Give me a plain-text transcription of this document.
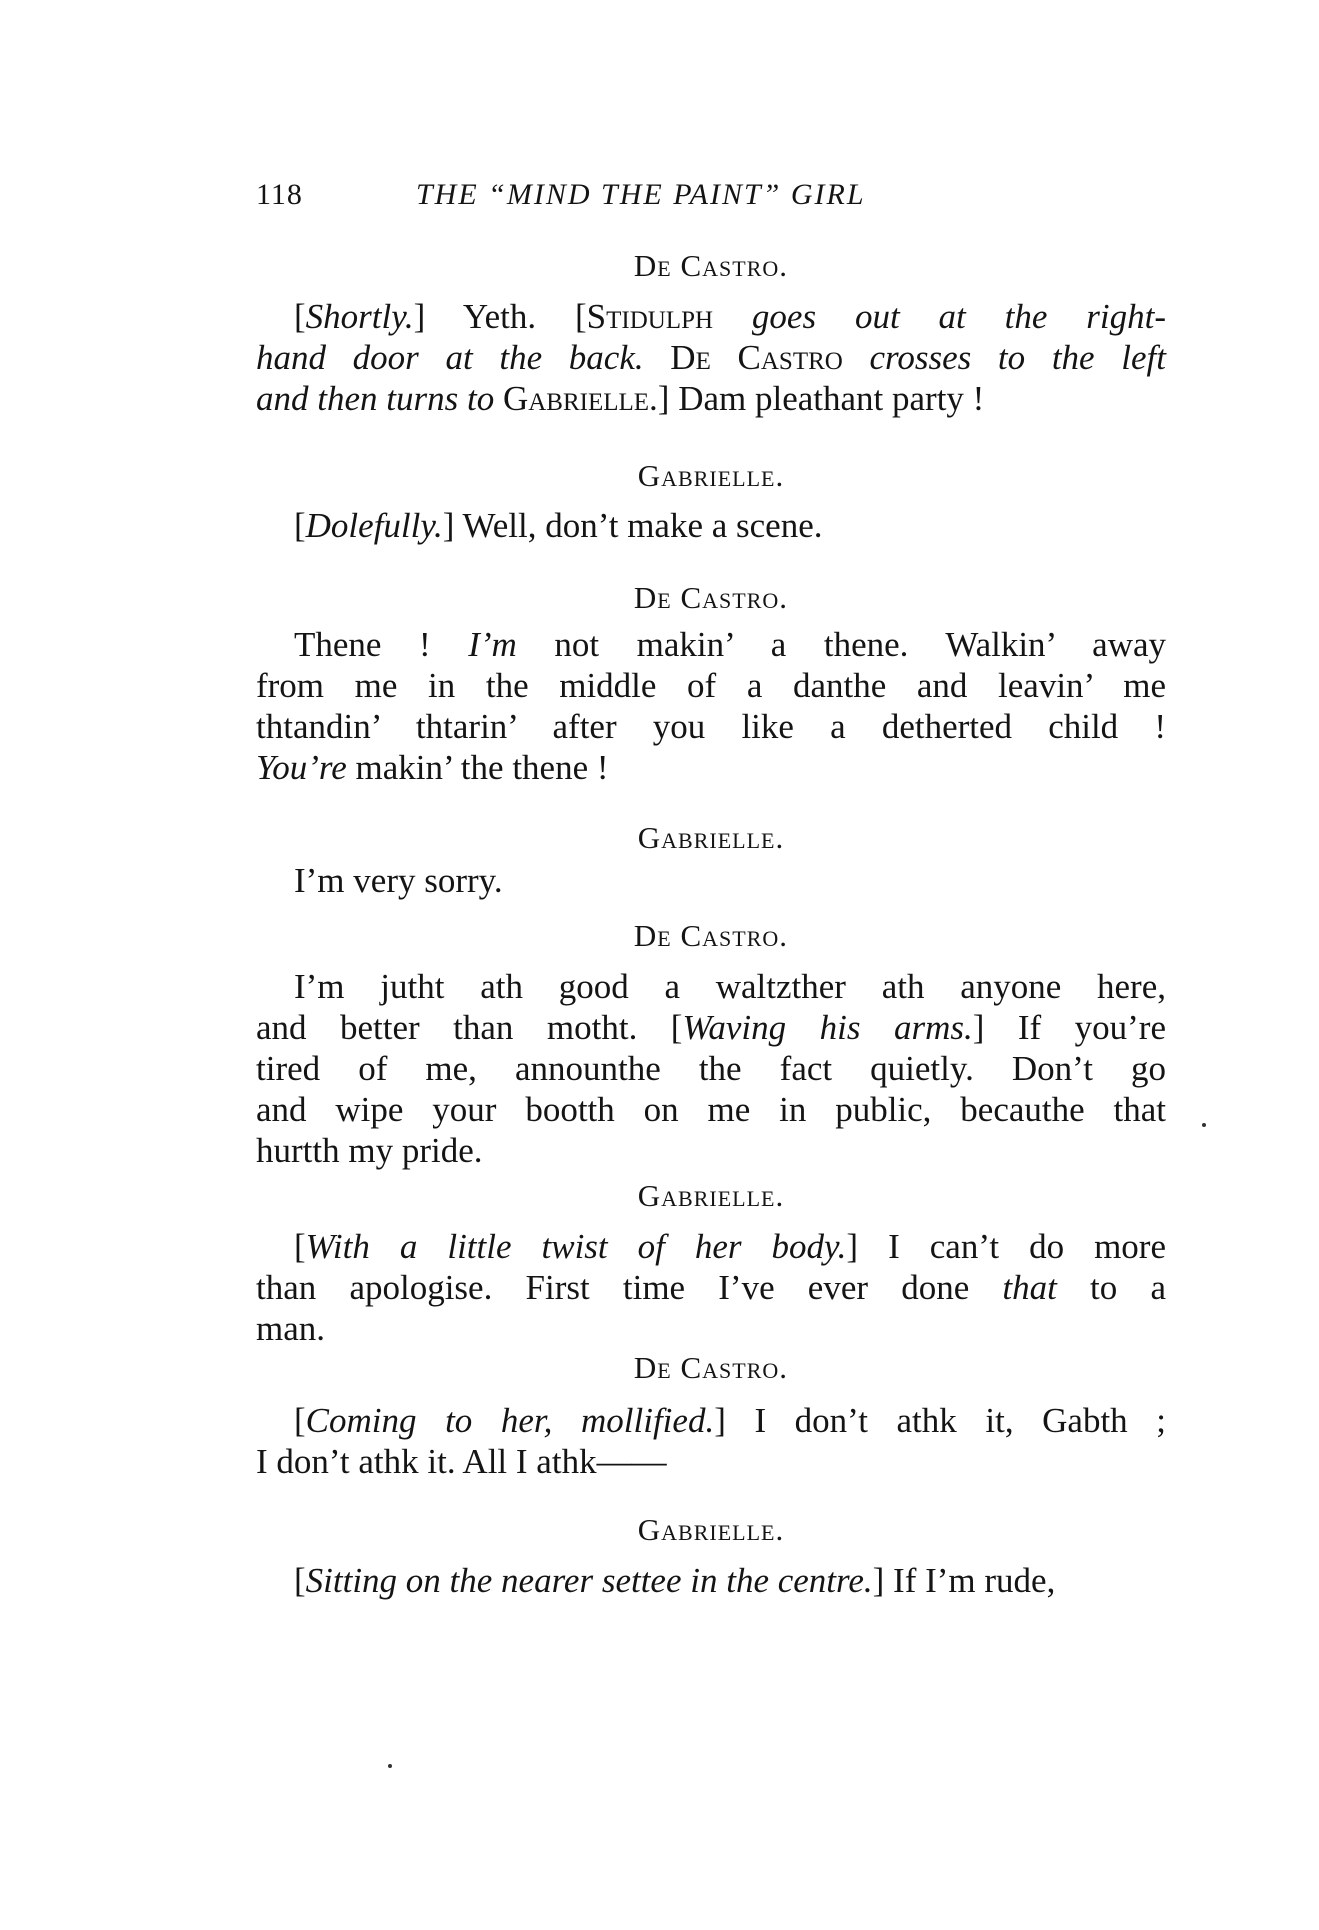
118	THE “MIND THE PAINT” GIRL
De Castro.
[Shortly.] Yeth. [Stidulph goes out at the right-
hand door at the back. De Castro crosses to the left
and then turns to Gabrielle.] Dam pleathant party !
Gabrielle.
[Dolefully.] Well, don’t make a scene.
De Castro.
Thene ! I’m not makin’ a thene. Walkin’ away
from me in the middle of a danthe and leavin’ me
thtandin’ thtarin’ after you like a detherted child !
You’re makin’ the thene !
Gabrielle.
I’m very sorry.
De Castro.
I’m jutht ath good a waltzther ath anyone here,
and better than motht. [Waving his arms.] If you’re
tired of me, announthe the fact quietly. Don’t go
and wipe your bootth on me in public, becauthe that
hurtth my pride.
Gabrielle.
[With a little twist of her body.] I can’t do more
than apologise. First time I’ve ever done that to a
man.
De Castro.
[Coming to her, mollified.] I don’t athk it, Gabth ;
I don’t athk it. All I athk——
Gabrielle.
[Sitting on the nearer settee in the centre.] If I’m rude,
